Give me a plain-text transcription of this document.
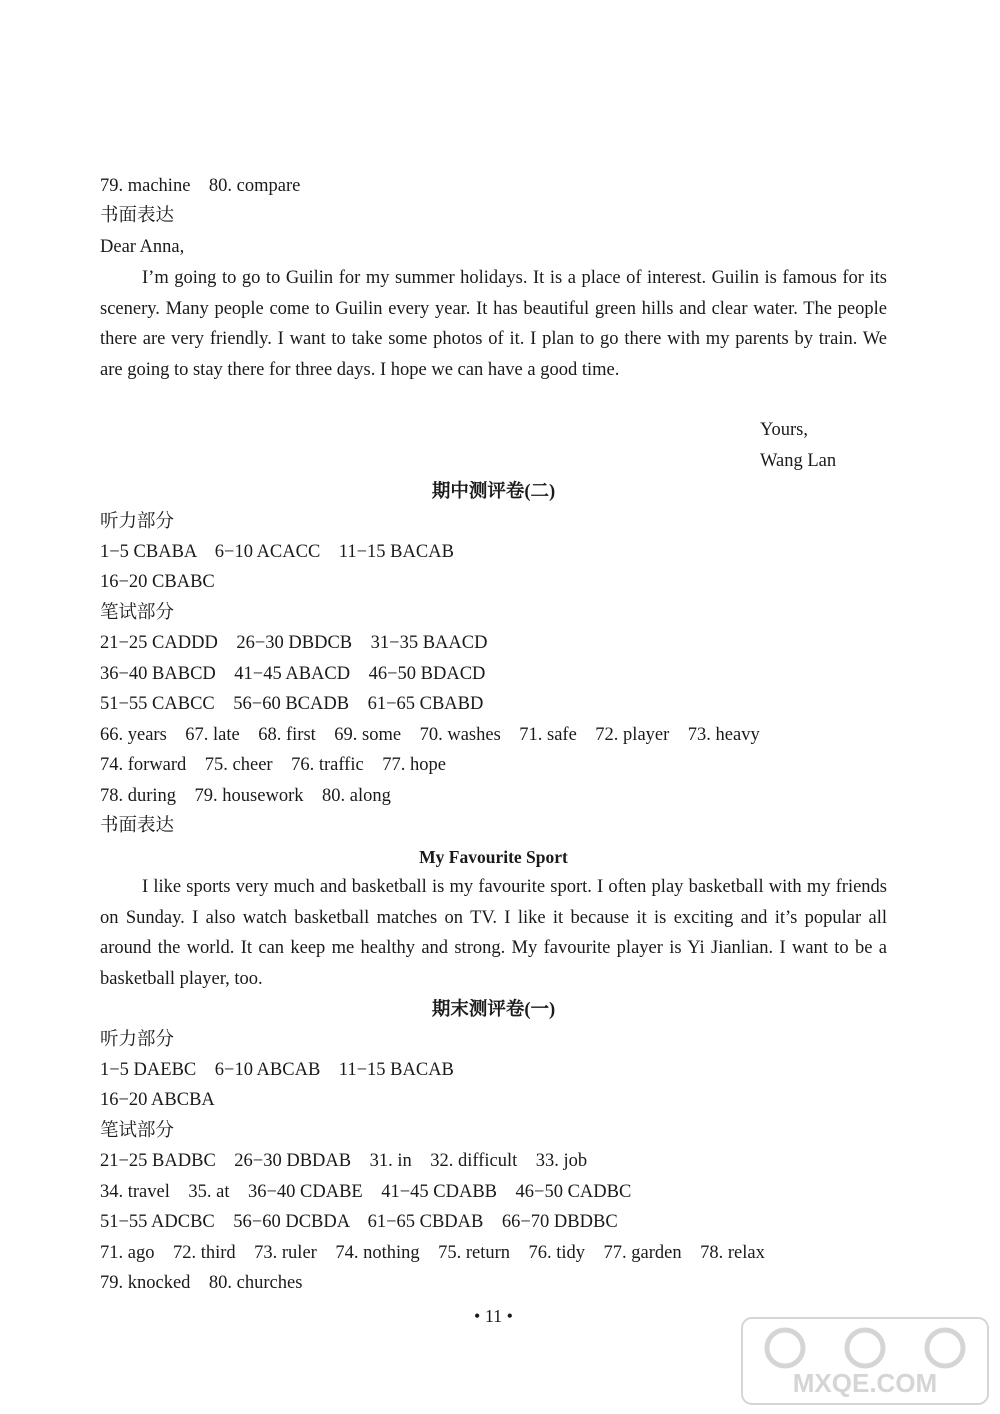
79. machine    80. compare
书面表达
Dear Anna,
I’m going to go to Guilin for my summer holidays. It is a place of interest. Guilin is famous for its scenery. Many people come to Guilin every year. It has beautiful green hills and clear water. The people there are very friendly. I want to take some photos of it. I plan to go there with my parents by train. We are going to stay there for three days. I hope we can have a good time.
Yours,
Wang Lan
期中测评卷(二)
听力部分
1−5 CBABA    6−10 ACACC    11−15 BACAB
16−20 CBABC
笔试部分
21−25 CADDD    26−30 DBDCB    31−35 BAACD
36−40 BABCD    41−45 ABACD    46−50 BDACD
51−55 CABCC    56−60 BCADB    61−65 CBABD
66. years    67. late    68. first    69. some    70. washes    71. safe    72. player    73. heavy
74. forward    75. cheer    76. traffic    77. hope
78. during    79. housework    80. along
书面表达
My Favourite Sport
I like sports very much and basketball is my favourite sport. I often play basketball with my friends on Sunday. I also watch basketball matches on TV. I like it because it is exciting and it’s popular all around the world. It can keep me healthy and strong. My favourite player is Yi Jianlian. I want to be a basketball player, too.
期末测评卷(一)
听力部分
1−5 DAEBC    6−10 ABCAB    11−15 BACAB
16−20 ABCBA
笔试部分
21−25 BADBC    26−30 DBDAB    31. in    32. difficult    33. job
34. travel    35. at    36−40 CDABE    41−45 CDABB    46−50 CADBC
51−55 ADCBC    56−60 DCBDA    61−65 CBDAB    66−70 DBDBC
71. ago    72. third    73. ruler    74. nothing    75. return    76. tidy    77. garden    78. relax
79. knocked    80. churches
• 11 •
MXQE.COM
